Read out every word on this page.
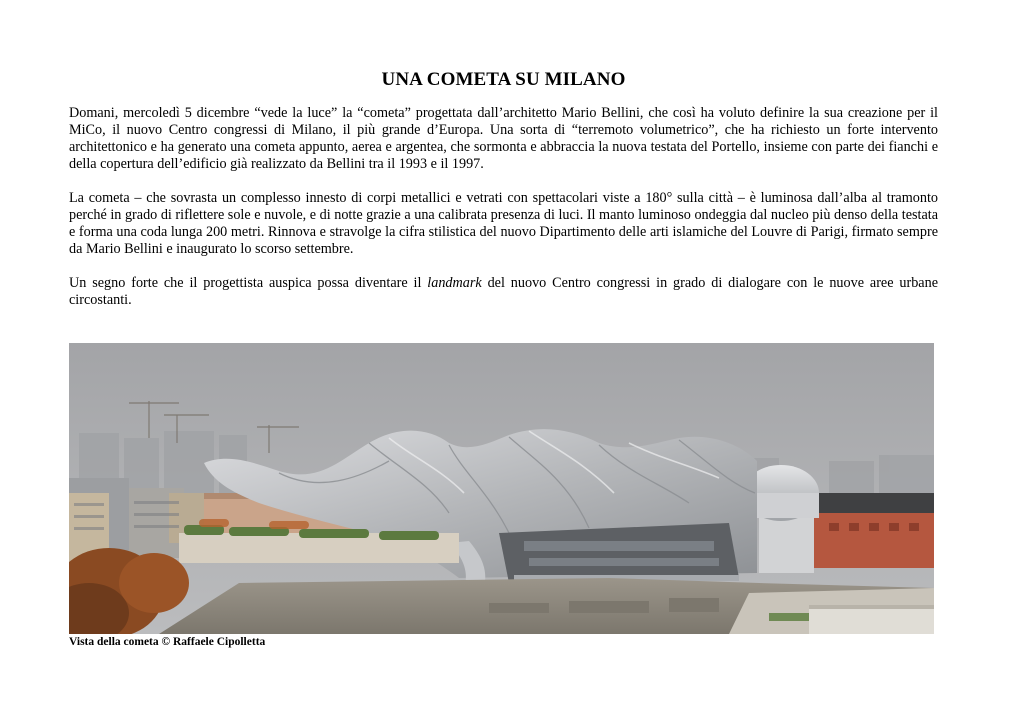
UNA COMETA SU MILANO

Domani, mercoledì 5 dicembre “vede la luce” la “cometa” progettata dall’architetto Mario Bellini, che così ha voluto definire la sua creazione per il MiCo, il nuovo Centro congressi di Milano, il più grande d’Europa. Una sorta di “terremoto volumetrico”, che ha richiesto un forte intervento architettonico e ha generato una cometa appunto, aerea e argentea, che sormonta e abbraccia la nuova testata del Portello, insieme con parte dei fianchi e della copertura dell’edificio già realizzato da Bellini tra il 1993 e il 1997.

La cometa – che sovrasta un complesso innesto di corpi metallici e vetrati con spettacolari viste a 180° sulla città – è luminosa dall’alba al tramonto perché in grado di riflettere sole e nuvole, e di notte grazie a una calibrata presenza di luci. Il manto luminoso ondeggia dal nucleo più denso della testata e forma una coda lunga 200 metri. Rinnova e stravolge la cifra stilistica del nuovo Dipartimento delle arti islamiche del Louvre di Parigi, firmato sempre da Mario Bellini e inaugurato lo scorso settembre.

Un segno forte che il progettista auspica possa diventare il landmark del nuovo Centro congressi in grado di dialogare con le nuove aree urbane circostanti.

Vista della cometa © Raffaele Cipolletta
